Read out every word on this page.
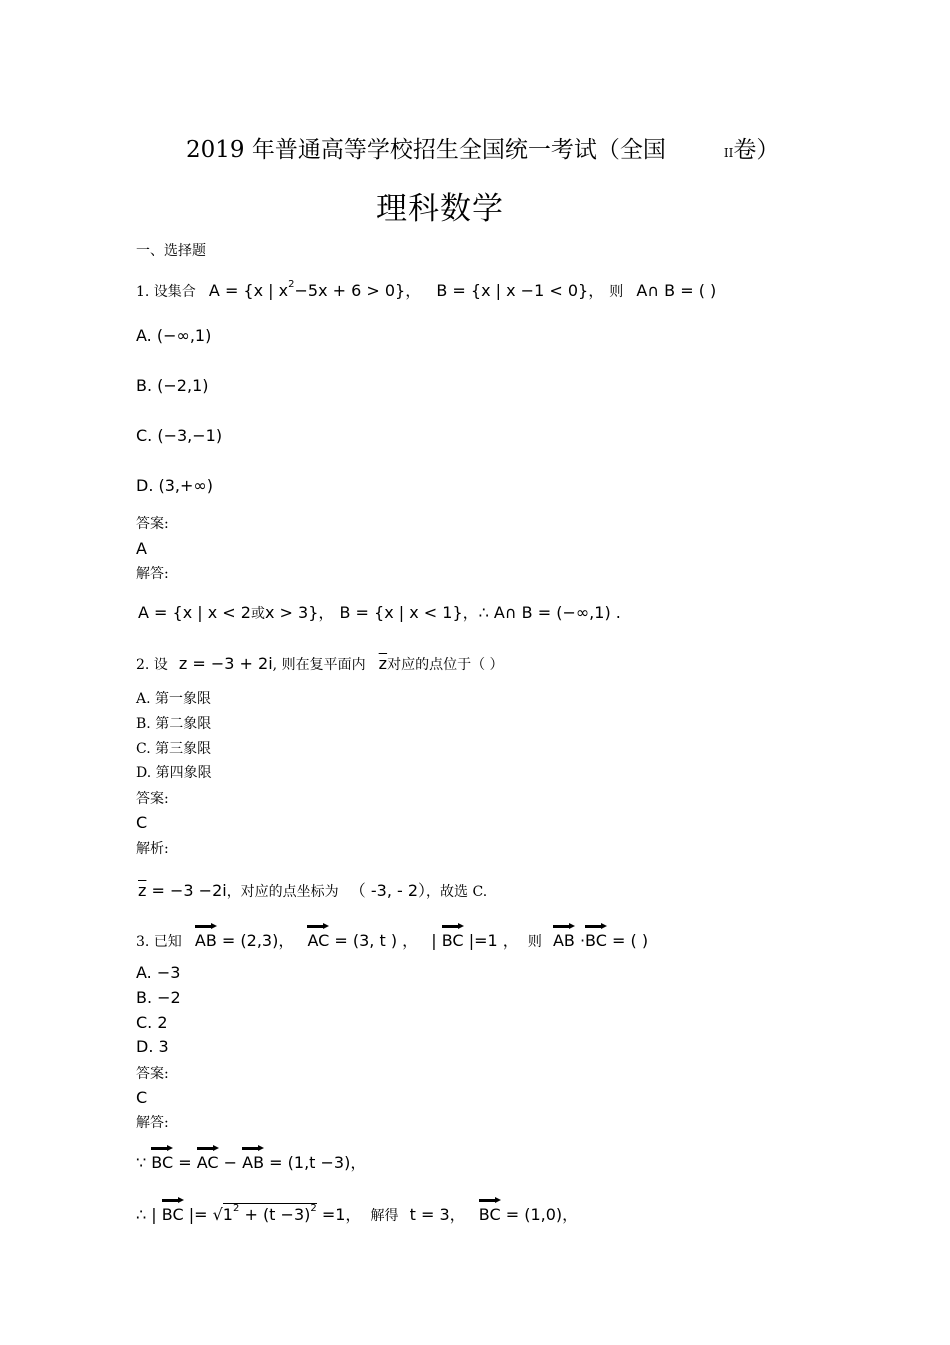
2019 年普通高等学校招生全国统一考试（全国	II卷）
理科数学
一、选择题
1. 设集合 A = {x | $x^2-5x + 6 > 0$}， B = {x | x −1 < 0}， 则 A∩ B = ( )
A. (−∞,1)
B. (−2,1)
C. (−3,−1)
D. (3,+∞)
答案:
A
解答:
A = {x | x < 2或x > 3}， B = {x | x < 1}，∴ A∩ B = (−∞,1) .
2. 设 z = −3 + 2i, 则在复平面内 $\overline{z}$对应的点位于（ ）
A. 第一象限
B. 第二象限
C. 第三象限
D. 第四象限
答案:
C
解析:
$\overline{z} = -3 -2i$，对应的点坐标为 （ -3, - 2），故选 C.
3. 已知 AB = (2,3)， AC = (3, t ) ， |
BC |=1 ， 则 AB ·
BC = ( )
A. −3
B. −2
C. 2
D. 3
答案:
C
解答:
∵
BC =
AC −
AB = (1,t −3)，
∴ |
BC |= $√1^2 + (t -3)^2 =1$， 解得 t = 3， BC = (1,0)，
